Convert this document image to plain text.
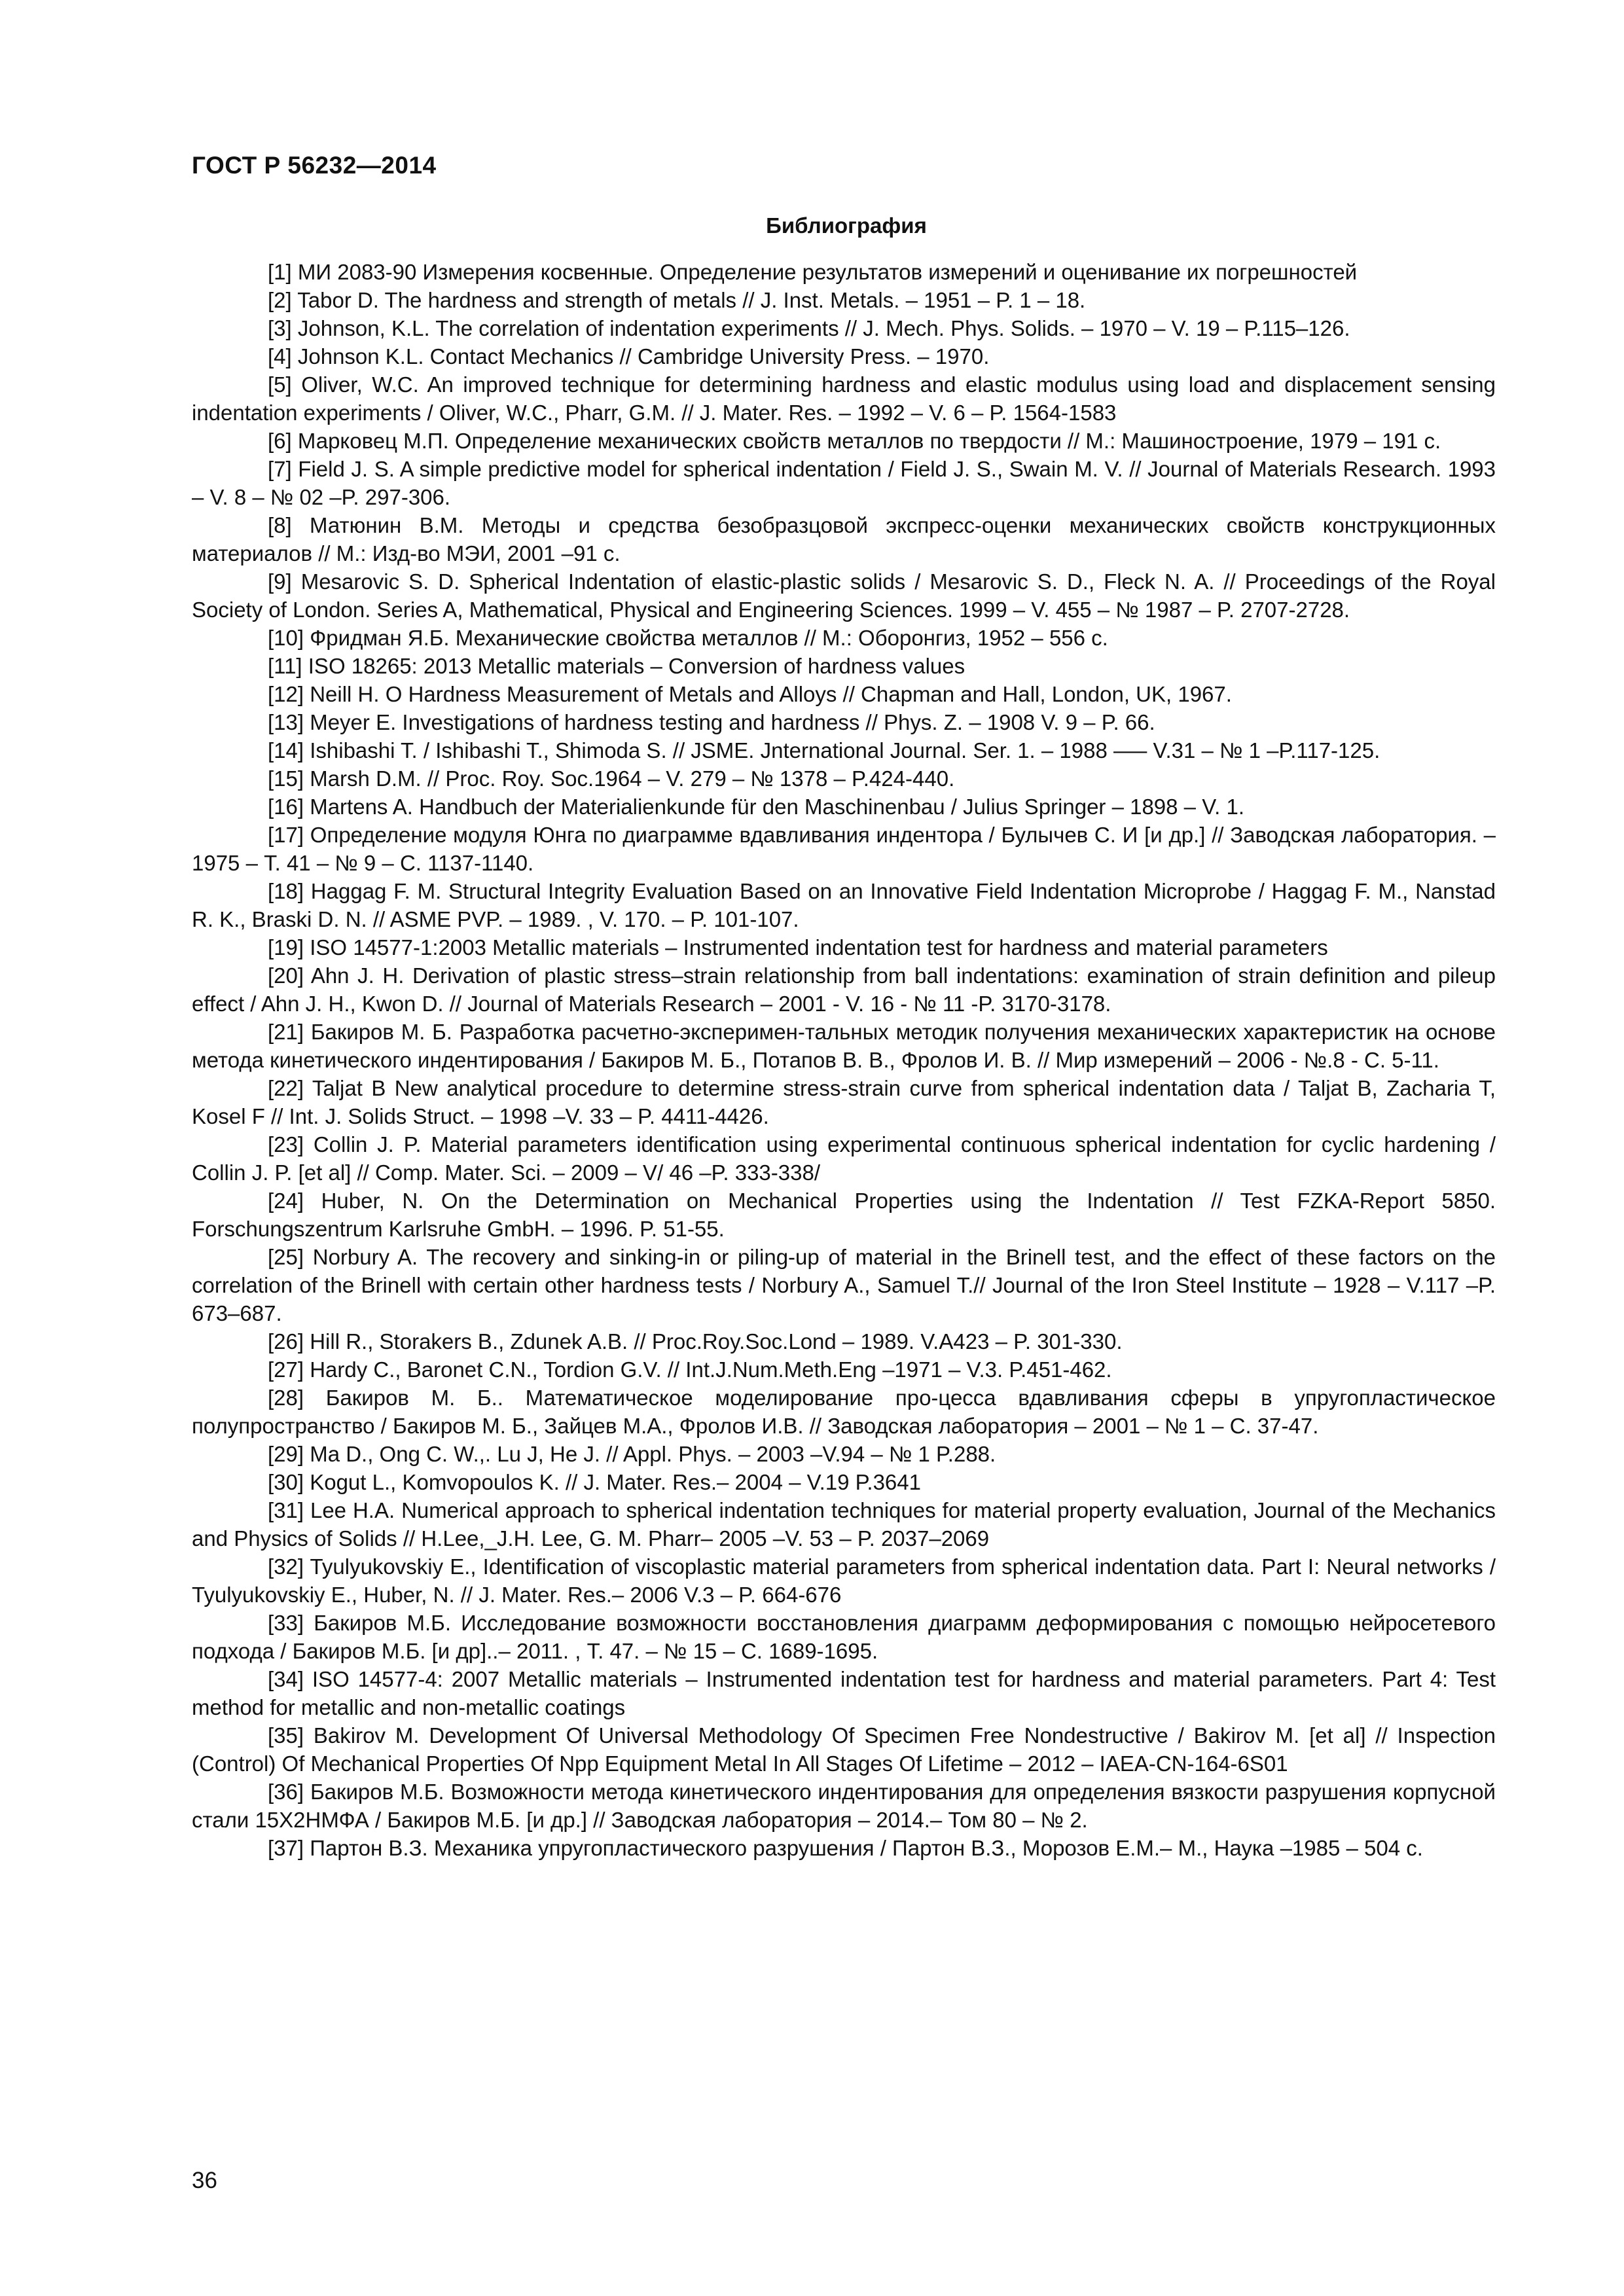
ГОСТ Р 56232—2014

Библиография
[1] МИ 2083-90 Измерения косвенные. Определение результатов измерений и оценивание их погрешностей
[2] Tabor D. The hardness and strength of metals // J. Inst. Metals. – 1951 – P. 1 – 18.
[3] Johnson, K.L. The correlation of indentation experiments // J. Mech. Phys. Solids. – 1970 – V. 19 – P.115–126.
[4] Johnson K.L. Contact Mechanics // Cambridge University Press. – 1970.
[5] Oliver, W.C. An improved technique for determining hardness and elastic modulus using load and displacement sensing indentation experiments / Oliver, W.C., Pharr, G.M. // J. Mater. Res. – 1992 – V. 6 – P. 1564-1583
[6] Марковец М.П. Определение механических свойств металлов по твердости // М.: Машиностроение, 1979 – 191 с.
[7] Field J. S. A simple predictive model for spherical indentation / Field J. S., Swain M. V. // Journal of Materials Research. 1993 – V. 8 – № 02 –P. 297-306.
[8] Матюнин В.М. Методы и средства безобразцовой экспресс-оценки механических свойств конструкционных материалов // М.: Изд-во МЭИ, 2001 –91 с.
[9] Mesarovic S. D. Spherical Indentation of elastic-plastic solids / Mesarovic S. D., Fleck N. A. // Proceedings of the Royal Society of London. Series A, Mathematical, Physical and Engineering Sciences. 1999 – V. 455 – № 1987 – P. 2707-2728.
[10] Фридман Я.Б. Механические свойства металлов // М.: Оборонгиз, 1952 – 556 с.
[11] ISO 18265: 2013 Metallic materials – Conversion of hardness values
[12] Neill H. O Hardness Measurement of Metals and Alloys // Chapman and Hall, London, UK, 1967.
[13] Meyer E. Investigations of hardness testing and hardness // Phys. Z. – 1908 V. 9 – P. 66.
[14] Ishibashi T. / Ishibashi T., Shimoda S. // JSME. Jnternational Journal. Ser. 1. – 1988 —– V.31 – № 1 –P.117-125.
[15] Marsh D.M. // Proc. Roy. Soc.1964 – V. 279 – № 1378 – P.424-440.
[16] Martens A. Handbuch der Materialienkunde für den Maschinenbau / Julius Springer – 1898 – V. 1.
[17] Определение модуля Юнга по диаграмме вдавливания индентора / Булычев С. И [и др.] // Заводская лаборатория. – 1975 – Т. 41 – № 9 – С. 1137-1140.
[18] Haggag F. M. Structural Integrity Evaluation Based on an Innovative Field Indentation Microprobe / Haggag F. M., Nanstad R. K., Braski D. N. // ASME PVP. – 1989. , V. 170. – P. 101-107.
[19] ISO 14577-1:2003 Metallic materials – Instrumented indentation test for hardness and material parameters
[20] Ahn J. H. Derivation of plastic stress–strain relationship from ball indentations: examination of strain definition and pileup effect / Ahn J. H., Kwon D. // Journal of Materials Research – 2001 - V. 16 - № 11 -P. 3170-3178.
[21] Бакиров М. Б. Разработка расчетно-эксперимен-тальных методик получения механических характеристик на основе метода кинетического индентирования / Бакиров М. Б., Потапов В. В., Фролов И. В. // Мир измерений – 2006 - №.8 - С. 5-11.
[22] Taljat B New analytical procedure to determine stress-strain curve from spherical indentation data / Taljat B, Zacharia T, Kosel F // Int. J. Solids Struct. – 1998 –V. 33 – P. 4411-4426.
[23] Collin J. P. Material parameters identification using experimental continuous spherical indentation for cyclic hardening / Collin J. P. [et al] // Comp. Mater. Sci. – 2009 – V/ 46 –P. 333-338/
[24] Huber, N. On the Determination on Mechanical Properties using the Indentation // Test FZKA-Report 5850. Forschungszentrum Karlsruhe GmbH. – 1996. P. 51-55.
[25] Norbury A. The recovery and sinking-in or piling-up of material in the Brinell test, and the effect of these factors on the correlation of the Brinell with certain other hardness tests / Norbury A., Samuel T.// Journal of the Iron Steel Institute – 1928 – V.117 –P. 673–687.
[26] Hill R., Storakers B., Zdunek A.B. // Proc.Roy.Soc.Lond – 1989. V.A423 – P. 301-330.
[27] Hardy C., Baronet C.N., Tordion G.V. // Int.J.Num.Meth.Eng –1971 – V.3. P.451-462.
[28] Бакиров М. Б.. Математическое моделирование про-цесса вдавливания сферы в упругопластическое полупространство / Бакиров М. Б., Зайцев М.А., Фролов И.В. // Заводская лаборатория – 2001 – № 1 – С. 37-47.
[29] Ma D., Ong C. W.,. Lu J, He J. // Appl. Phys. – 2003 –V.94 – № 1 P.288.
[30] Kogut L., Komvopoulos K. // J. Mater. Res.– 2004 – V.19 P.3641
[31] Lee H.A. Numerical approach to spherical indentation techniques for material property evaluation, Journal of the Mechanics and Physics of Solids // H.Lee,_J.H. Lee, G. M. Pharr– 2005 –V. 53 – P. 2037–2069
[32] Tyulyukovskiy E., Identification of viscoplastic material parameters from spherical indentation data. Part I: Neural networks / Tyulyukovskiy E., Huber, N. // J. Mater. Res.– 2006 V.3 – P. 664-676
[33] Бакиров М.Б. Исследование возможности восстановления диаграмм деформирования с помощью нейросетевого подхода / Бакиров М.Б. [и др]..– 2011. , Т. 47. – № 15 – С. 1689-1695.
[34] ISO 14577-4: 2007 Metallic materials – Instrumented indentation test for hardness and material parameters. Part 4: Test method for metallic and non-metallic coatings
[35] Bakirov M. Development Of Universal Methodology Of Specimen Free Nondestructive / Bakirov M. [et al] // Inspection (Control) Of Mechanical Properties Of Npp Equipment Metal In All Stages Of Lifetime – 2012 – IAEA-CN-164-6S01
[36] Бакиров М.Б. Возможности метода кинетического индентирования для определения вязкости разрушения корпусной стали 15Х2НМФА / Бакиров М.Б. [и др.] // Заводская лаборатория – 2014.– Том 80 – № 2.
[37] Партон В.З. Механика упругопластического разрушения / Партон В.З., Морозов Е.М.– М., Наука –1985 – 504 с.

36
